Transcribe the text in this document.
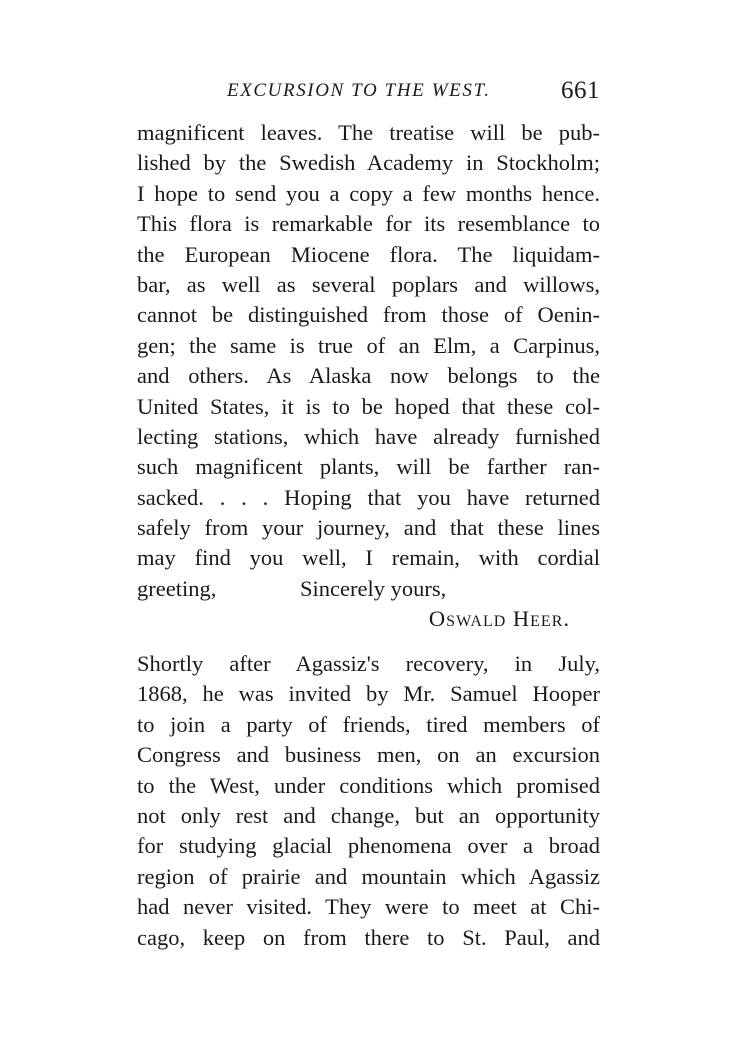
EXCURSION TO THE WEST.	661
magnificent leaves. The treatise will be pub-
lished by the Swedish Academy in Stockholm;
I hope to send you a copy a few months hence.
This flora is remarkable for its resemblance to
the European Miocene flora. The liquidam-
bar, as well as several poplars and willows,
cannot be distinguished from those of Oenin-
gen; the same is true of an Elm, a Carpinus,
and others. As Alaska now belongs to the
United States, it is to be hoped that these col-
lecting stations, which have already furnished
such magnificent plants, will be farther ran-
sacked. . . . Hoping that you have returned
safely from your journey, and that these lines
may find you well, I remain, with cordial
greeting,	Sincerely yours,
Oswald Heer.
Shortly after Agassiz's recovery, in July,
1868, he was invited by Mr. Samuel Hooper
to join a party of friends, tired members of
Congress and business men, on an excursion
to the West, under conditions which promised
not only rest and change, but an opportunity
for studying glacial phenomena over a broad
region of prairie and mountain which Agassiz
had never visited. They were to meet at Chi-
cago, keep on from there to St. Paul, and
